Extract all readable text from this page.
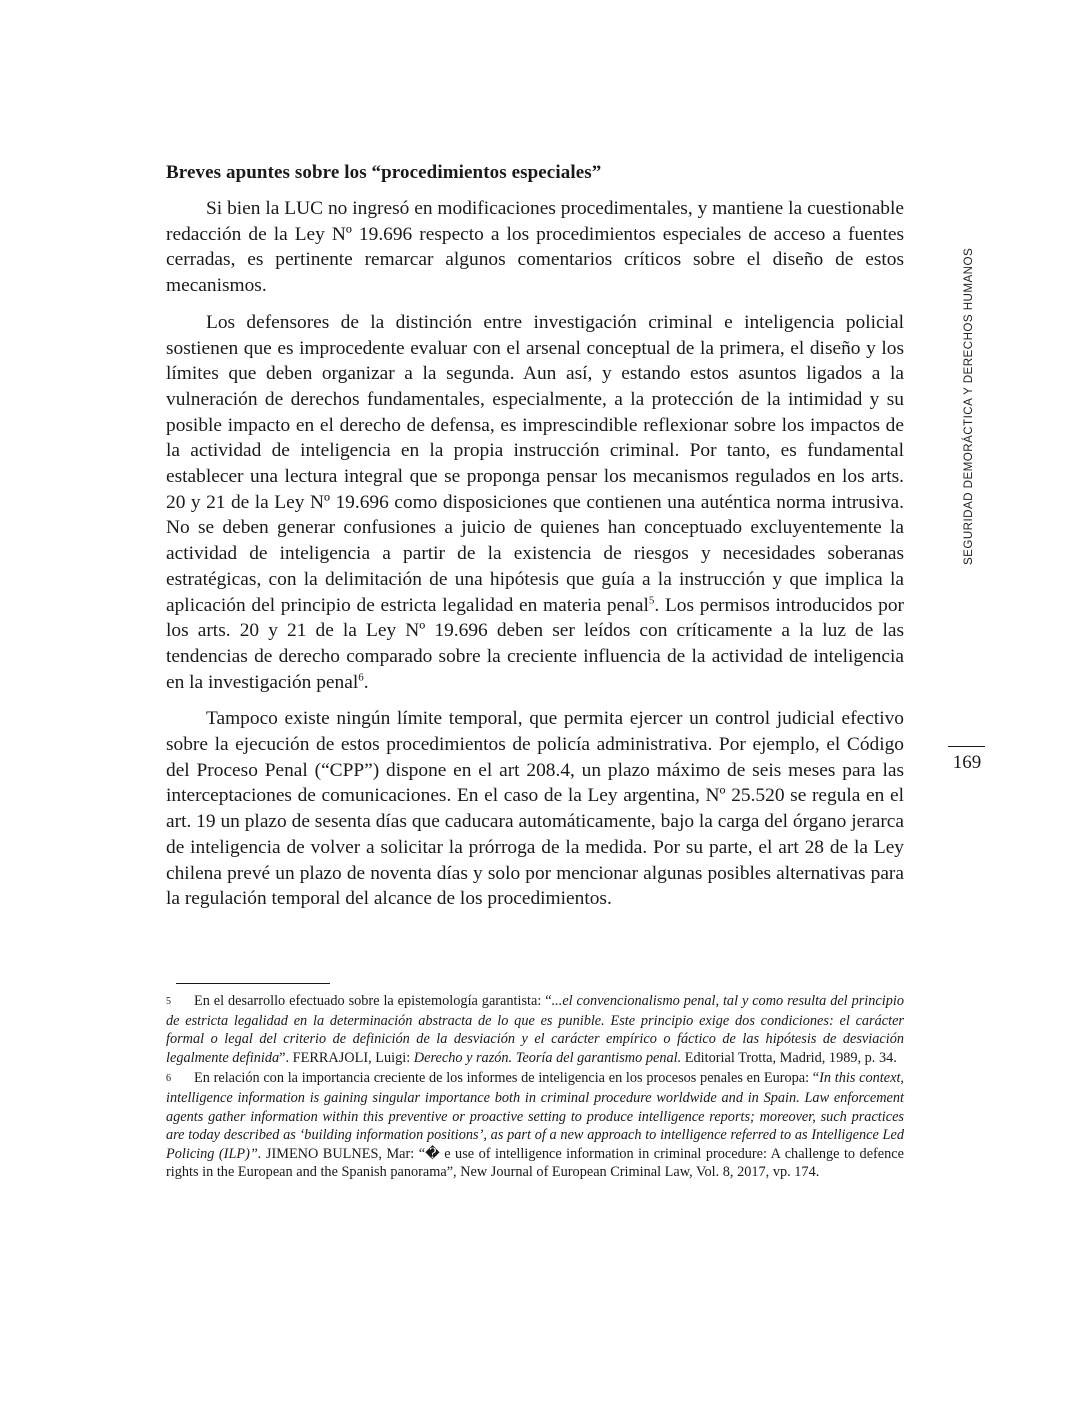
Breves apuntes sobre los “procedimientos especiales”

Si bien la LUC no ingresó en modificaciones procedimentales, y mantiene la cuestionable redacción de la Ley Nº 19.696 respecto a los procedimientos especiales de acceso a fuentes cerradas, es pertinente remarcar algunos comentarios críticos sobre el diseño de estos mecanismos.

Los defensores de la distinción entre investigación criminal e inteligencia policial sostienen que es improcedente evaluar con el arsenal conceptual de la primera, el diseño y los límites que deben organizar a la segunda. Aun así, y estando estos asuntos ligados a la vulneración de derechos fundamentales, especialmente, a la protección de la intimidad y su posible impacto en el derecho de defensa, es imprescindible reflexionar sobre los impactos de la actividad de inteligencia en la propia instrucción criminal. Por tanto, es fundamental establecer una lectura integral que se proponga pensar los mecanismos regulados en los arts. 20 y 21 de la Ley Nº 19.696 como disposiciones que contienen una auténtica norma intrusiva. No se deben generar confusiones a juicio de quienes han conceptuado excluyentemente la actividad de inteligencia a partir de la existencia de riesgos y necesidades soberanas estratégicas, con la delimitación de una hipótesis que guía a la instrucción y que implica la aplicación del principio de estricta legalidad en materia penal$^5$. Los permisos introducidos por los arts. 20 y 21 de la Ley Nº 19.696 deben ser leídos con críticamente a la luz de las tendencias de derecho comparado sobre la creciente influencia de la actividad de inteligencia en la investigación penal$^6$.

Tampoco existe ningún límite temporal, que permita ejercer un control judicial efectivo sobre la ejecución de estos procedimientos de policía administrativa. Por ejemplo, el Código del Proceso Penal (“CPP”) dispone en el art 208.4, un plazo máximo de seis meses para las interceptaciones de comunicaciones. En el caso de la Ley argentina, Nº 25.520 se regula en el art. 19 un plazo de sesenta días que caducara automáticamente, bajo la carga del órgano jerarca de inteligencia de volver a solicitar la prórroga de la medida. Por su parte, el art 28 de la Ley chilena prevé un plazo de noventa días y solo por mencionar algunas posibles alternativas para la regulación temporal del alcance de los procedimientos.

5 En el desarrollo efectuado sobre la epistemología garantista: “...el convencionalismo penal, tal y como resulta del principio de estricta legalidad en la determinación abstracta de lo que es punible. Este principio exige dos condiciones: el carácter formal o legal del criterio de definición de la desviación y el carácter empírico o fáctico de las hipótesis de desviación legalmente definida”. FERRAJOLI, Luigi: Derecho y razón. Teoría del garantismo penal. Editorial Trotta, Madrid, 1989, p. 34.

6 En relación con la importancia creciente de los informes de inteligencia en los procesos penales en Europa: “In this context, intelligence information is gaining singular importance both in criminal procedure worldwide and in Spain. Law enforcement agents gather information within this preventive or proactive setting to produce intelligence reports; moreover, such practices are today described as ‘building information positions’, as part of a new approach to intelligence referred to as Intelligence Led Policing (ILP)”. JIMENO BULNES, Mar: “� e use of intelligence information in criminal procedure: A challenge to defence rights in the European and the Spanish panorama”, New Journal of European Criminal Law, Vol. 8, 2017, vp. 174.

SEGURIDAD DEMORÁCTICA Y DERECHOS HUMANOS
169
